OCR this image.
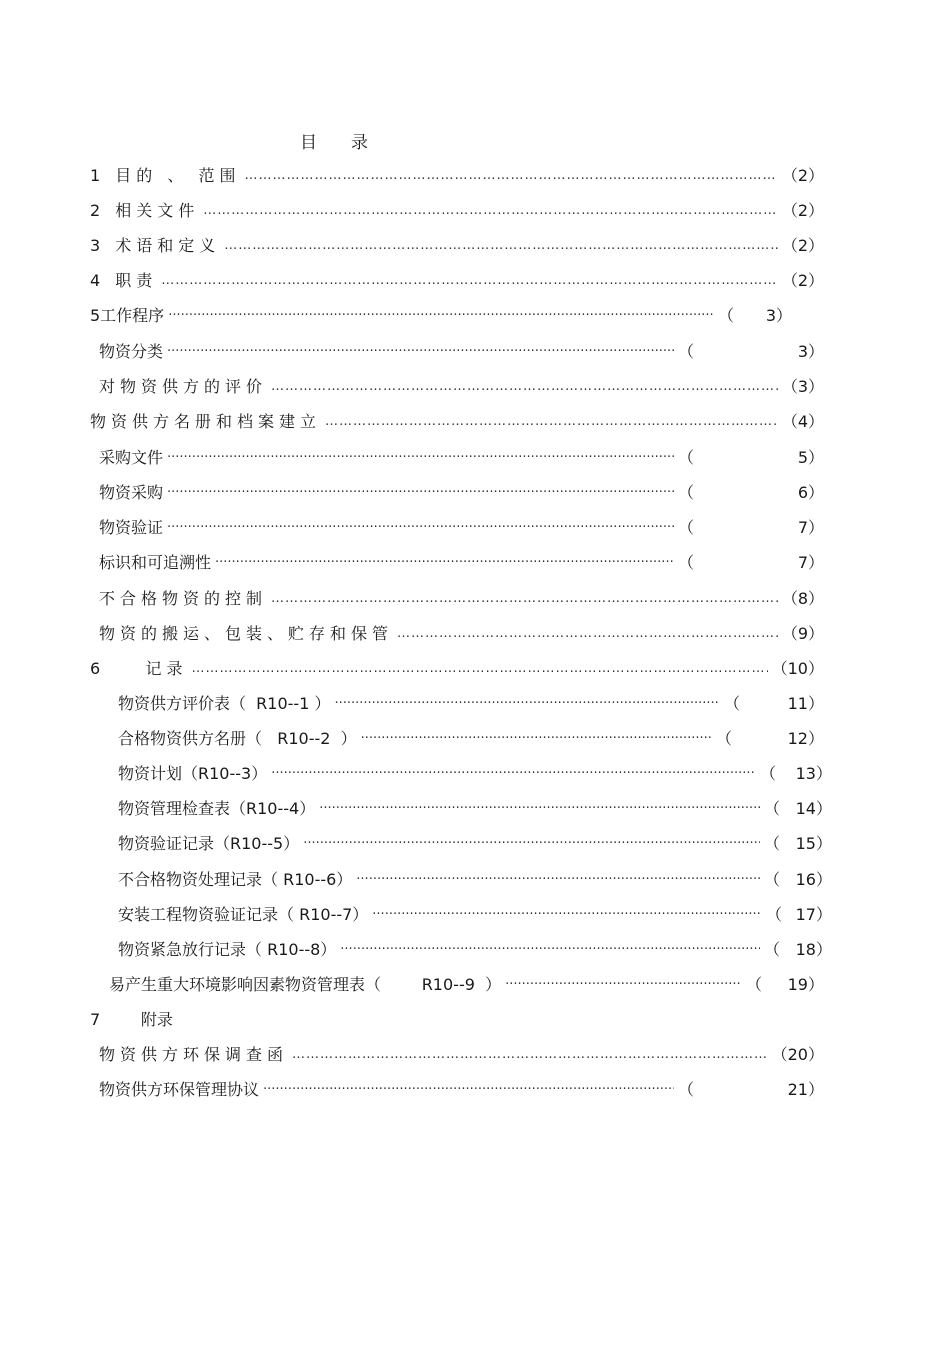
目　　录
1 目的 、 范围 ………………………………………………………………………………………………………………………………………………………………………………………………………………………………………………………	（2）
2 相关文件 ………………………………………………………………………………………………………………………………………………………………………………………………………………………………………………………	（2）
3 术语和定义 ………………………………………………………………………………………………………………………………………………………………………………………………………………………………………………………	（2）
4 职责 ………………………………………………………………………………………………………………………………………………………………………………………………………………………………………………………	（2）
5工作程序 ·····	（	3）
物资分类 ·····	（	3）
对物资供方的评价 ………………………………………………………………………………………………………………………………………………………………………………………………………………………………………………………	（3）
物资供方名册和档案建立 ………………………………………………………………………………………………………………………………………………………………………………………………………………………………………………………	（4）
采购文件 ·····	（	5）
物资采购 ·····	（	6）
物资验证 ·····	（	7）
标识和可追溯性 ·····	（	7）
不合格物资的控制 ………………………………………………………………………………………………………………………………………………………………………………………………………………………………………………………	（8）
物资的搬运、包装、贮存和保管 ………………………………………………………………………………………………………………………………………………………………………………………………………………………………………………………	（9）
6    记录 ………………………………………………………………………………………………………………………………………………………………………………………………………………………………………………………	（10）
物资供方评价表（  R10--1 ） ·····	（	11）
合格物资供方名册（   R10--2  ） ·····	（	12）
物资计划（R10--3） ·····	（	13）
物资管理检查表（R10--4） ·····	（ 14）
物资验证记录（R10--5） ·····	（ 15）
不合格物资处理记录（ R10--6） ·····	（ 16）
安装工程物资验证记录（ R10--7） ·····	（ 17）
物资紧急放行记录（ R10--8） ·····	（ 18）
易产生重大环境影响因素物资管理表（        R10--9  ） ·····	（	19）
7        附录
物资供方环保调查函 ………………………………………………………………………………………………………………………………………………………………………………………………………………………………………………………	（20）
物资供方环保管理协议 ·····	（	21）
